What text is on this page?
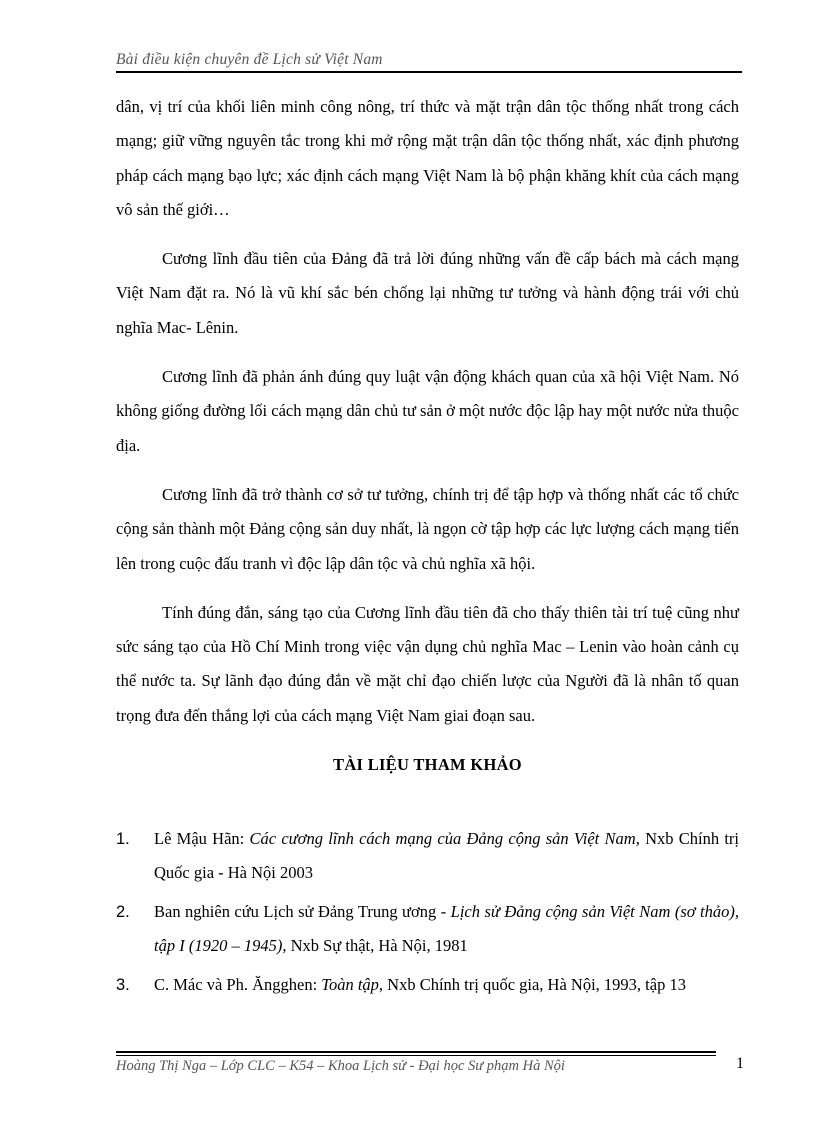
Bài điều kiện chuyên đề Lịch sử Việt Nam

dân, vị trí của khối liên minh công nông, trí thức và mặt trận dân tộc thống nhất trong cách mạng; giữ vững nguyên tắc trong khi mở rộng mặt trận dân tộc thống nhất, xác định phương pháp cách mạng bạo lực; xác định cách mạng Việt Nam là bộ phận khăng khít của cách mạng vô sản thế giới…

Cương lĩnh đầu tiên của Đảng đã trả lời đúng những vấn đề cấp bách mà cách mạng Việt Nam đặt ra. Nó là vũ khí sắc bén chống lại những tư tưởng và hành động trái với chủ nghĩa Mac- Lênin.

Cương lĩnh đã phản ánh đúng quy luật vận động khách quan của xã hội Việt Nam. Nó không giống đường lối cách mạng dân chủ tư sản ở một nước độc lập hay một nước nửa thuộc địa.

Cương lĩnh đã trở thành cơ sở tư tưởng, chính trị để tập hợp và thống nhất các tổ chức cộng sản thành một Đảng cộng sản duy nhất, là ngọn cờ tập hợp các lực lượng cách mạng tiến lên trong cuộc đấu tranh vì độc lập dân tộc và chủ nghĩa xã hội.

Tính đúng đắn, sáng tạo của Cương lĩnh đầu tiên đã cho thấy thiên tài trí tuệ cũng như sức sáng tạo của Hồ Chí Minh trong việc vận dụng chủ nghĩa Mac – Lenin vào hoàn cảnh cụ thể nước ta. Sự lãnh đạo đúng đắn về mặt chỉ đạo chiến lược của Người đã là nhân tố quan trọng đưa đến thắng lợi của cách mạng Việt Nam giai đoạn sau.

TÀI LIỆU THAM KHẢO
1. Lê Mậu Hãn: Các cương lĩnh cách mạng của Đảng cộng sản Việt Nam, Nxb Chính trị Quốc gia - Hà Nội 2003
2. Ban nghiên cứu Lịch sử Đảng Trung ương - Lịch sử Đảng cộng sản Việt Nam (sơ thảo), tập I (1920 – 1945), Nxb Sự thật, Hà Nội, 1981
3. C. Mác và Ph. Ăngghen: Toàn tập, Nxb Chính trị quốc gia, Hà Nội, 1993, tập 13
Hoàng Thị Nga – Lớp CLC – K54 – Khoa Lịch sử - Đại học Sư phạm Hà Nội	1
